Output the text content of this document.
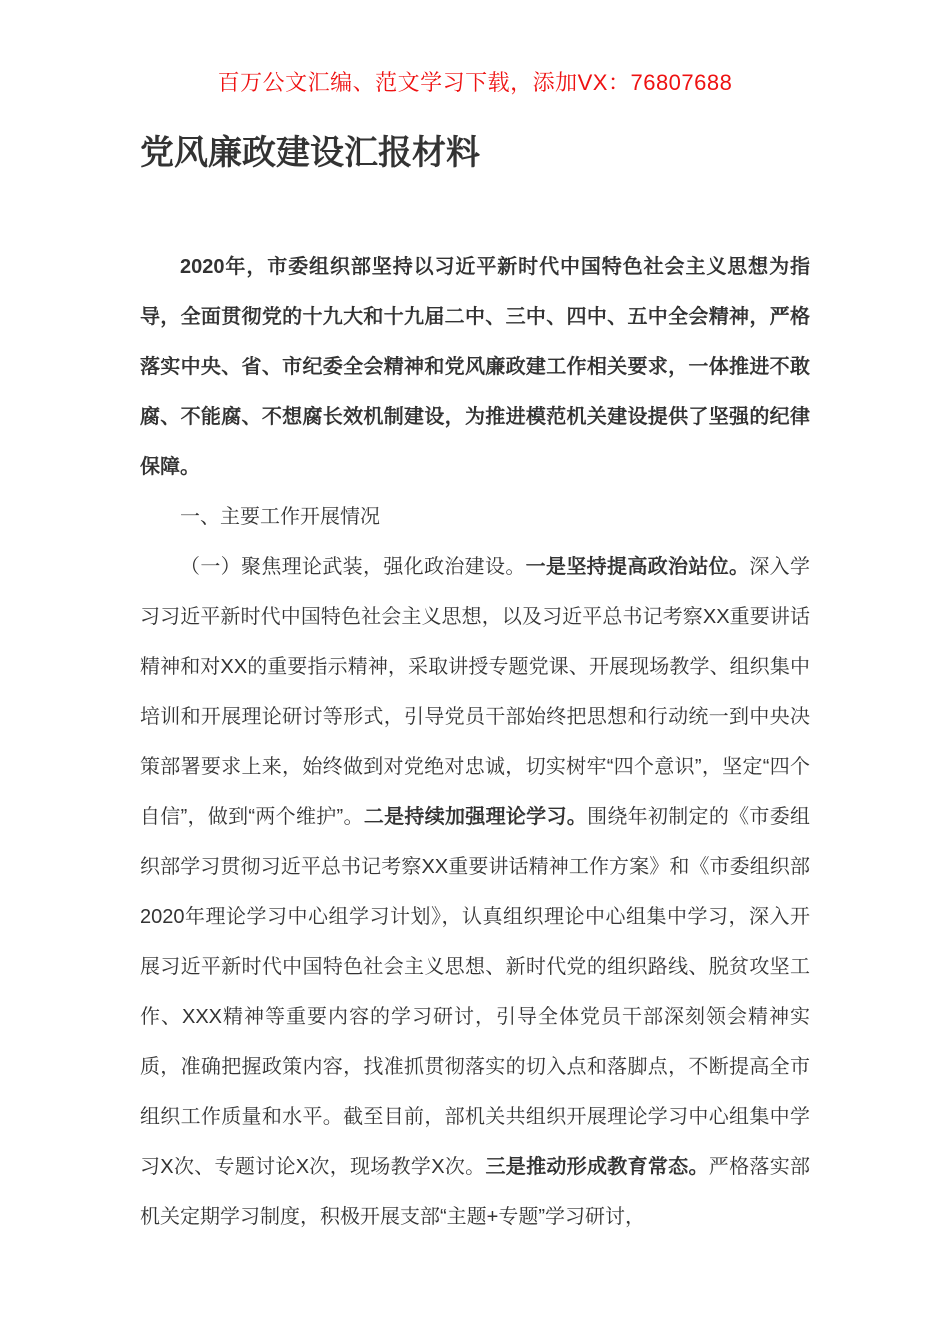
百万公文汇编、范文学习下载，添加VX：76807688
党风廉政建设汇报材料

2020年，市委组织部坚持以习近平新时代中国特色社会主义思想为指导，全面贯彻党的十九大和十九届二中、三中、四中、五中全会精神，严格落实中央、省、市纪委全会精神和党风廉政建工作相关要求，一体推进不敢腐、不能腐、不想腐长效机制建设，为推进模范机关建设提供了坚强的纪律保障。

一、主要工作开展情况

（一）聚焦理论武装，强化政治建设。一是坚持提高政治站位。深入学习习近平新时代中国特色社会主义思想，以及习近平总书记考察XX重要讲话精神和对XX的重要指示精神，采取讲授专题党课、开展现场教学、组织集中培训和开展理论研讨等形式，引导党员干部始终把思想和行动统一到中央决策部署要求上来，始终做到对党绝对忠诚，切实树牢“四个意识”，坚定“四个自信”，做到“两个维护”。二是持续加强理论学习。围绕年初制定的《市委组织部学习贯彻习近平总书记考察XX重要讲话精神工作方案》和《市委组织部2020年理论学习中心组学习计划》，认真组织理论中心组集中学习，深入开展习近平新时代中国特色社会主义思想、新时代党的组织路线、脱贫攻坚工作、XXX精神等重要内容的学习研讨，引导全体党员干部深刻领会精神实质，准确把握政策内容，找准抓贯彻落实的切入点和落脚点，不断提高全市组织工作质量和水平。截至目前，部机关共组织开展理论学习中心组集中学习X次、专题讨论X次，现场教学X次。三是推动形成教育常态。严格落实部机关定期学习制度，积极开展支部“主题+专题”学习研讨，
